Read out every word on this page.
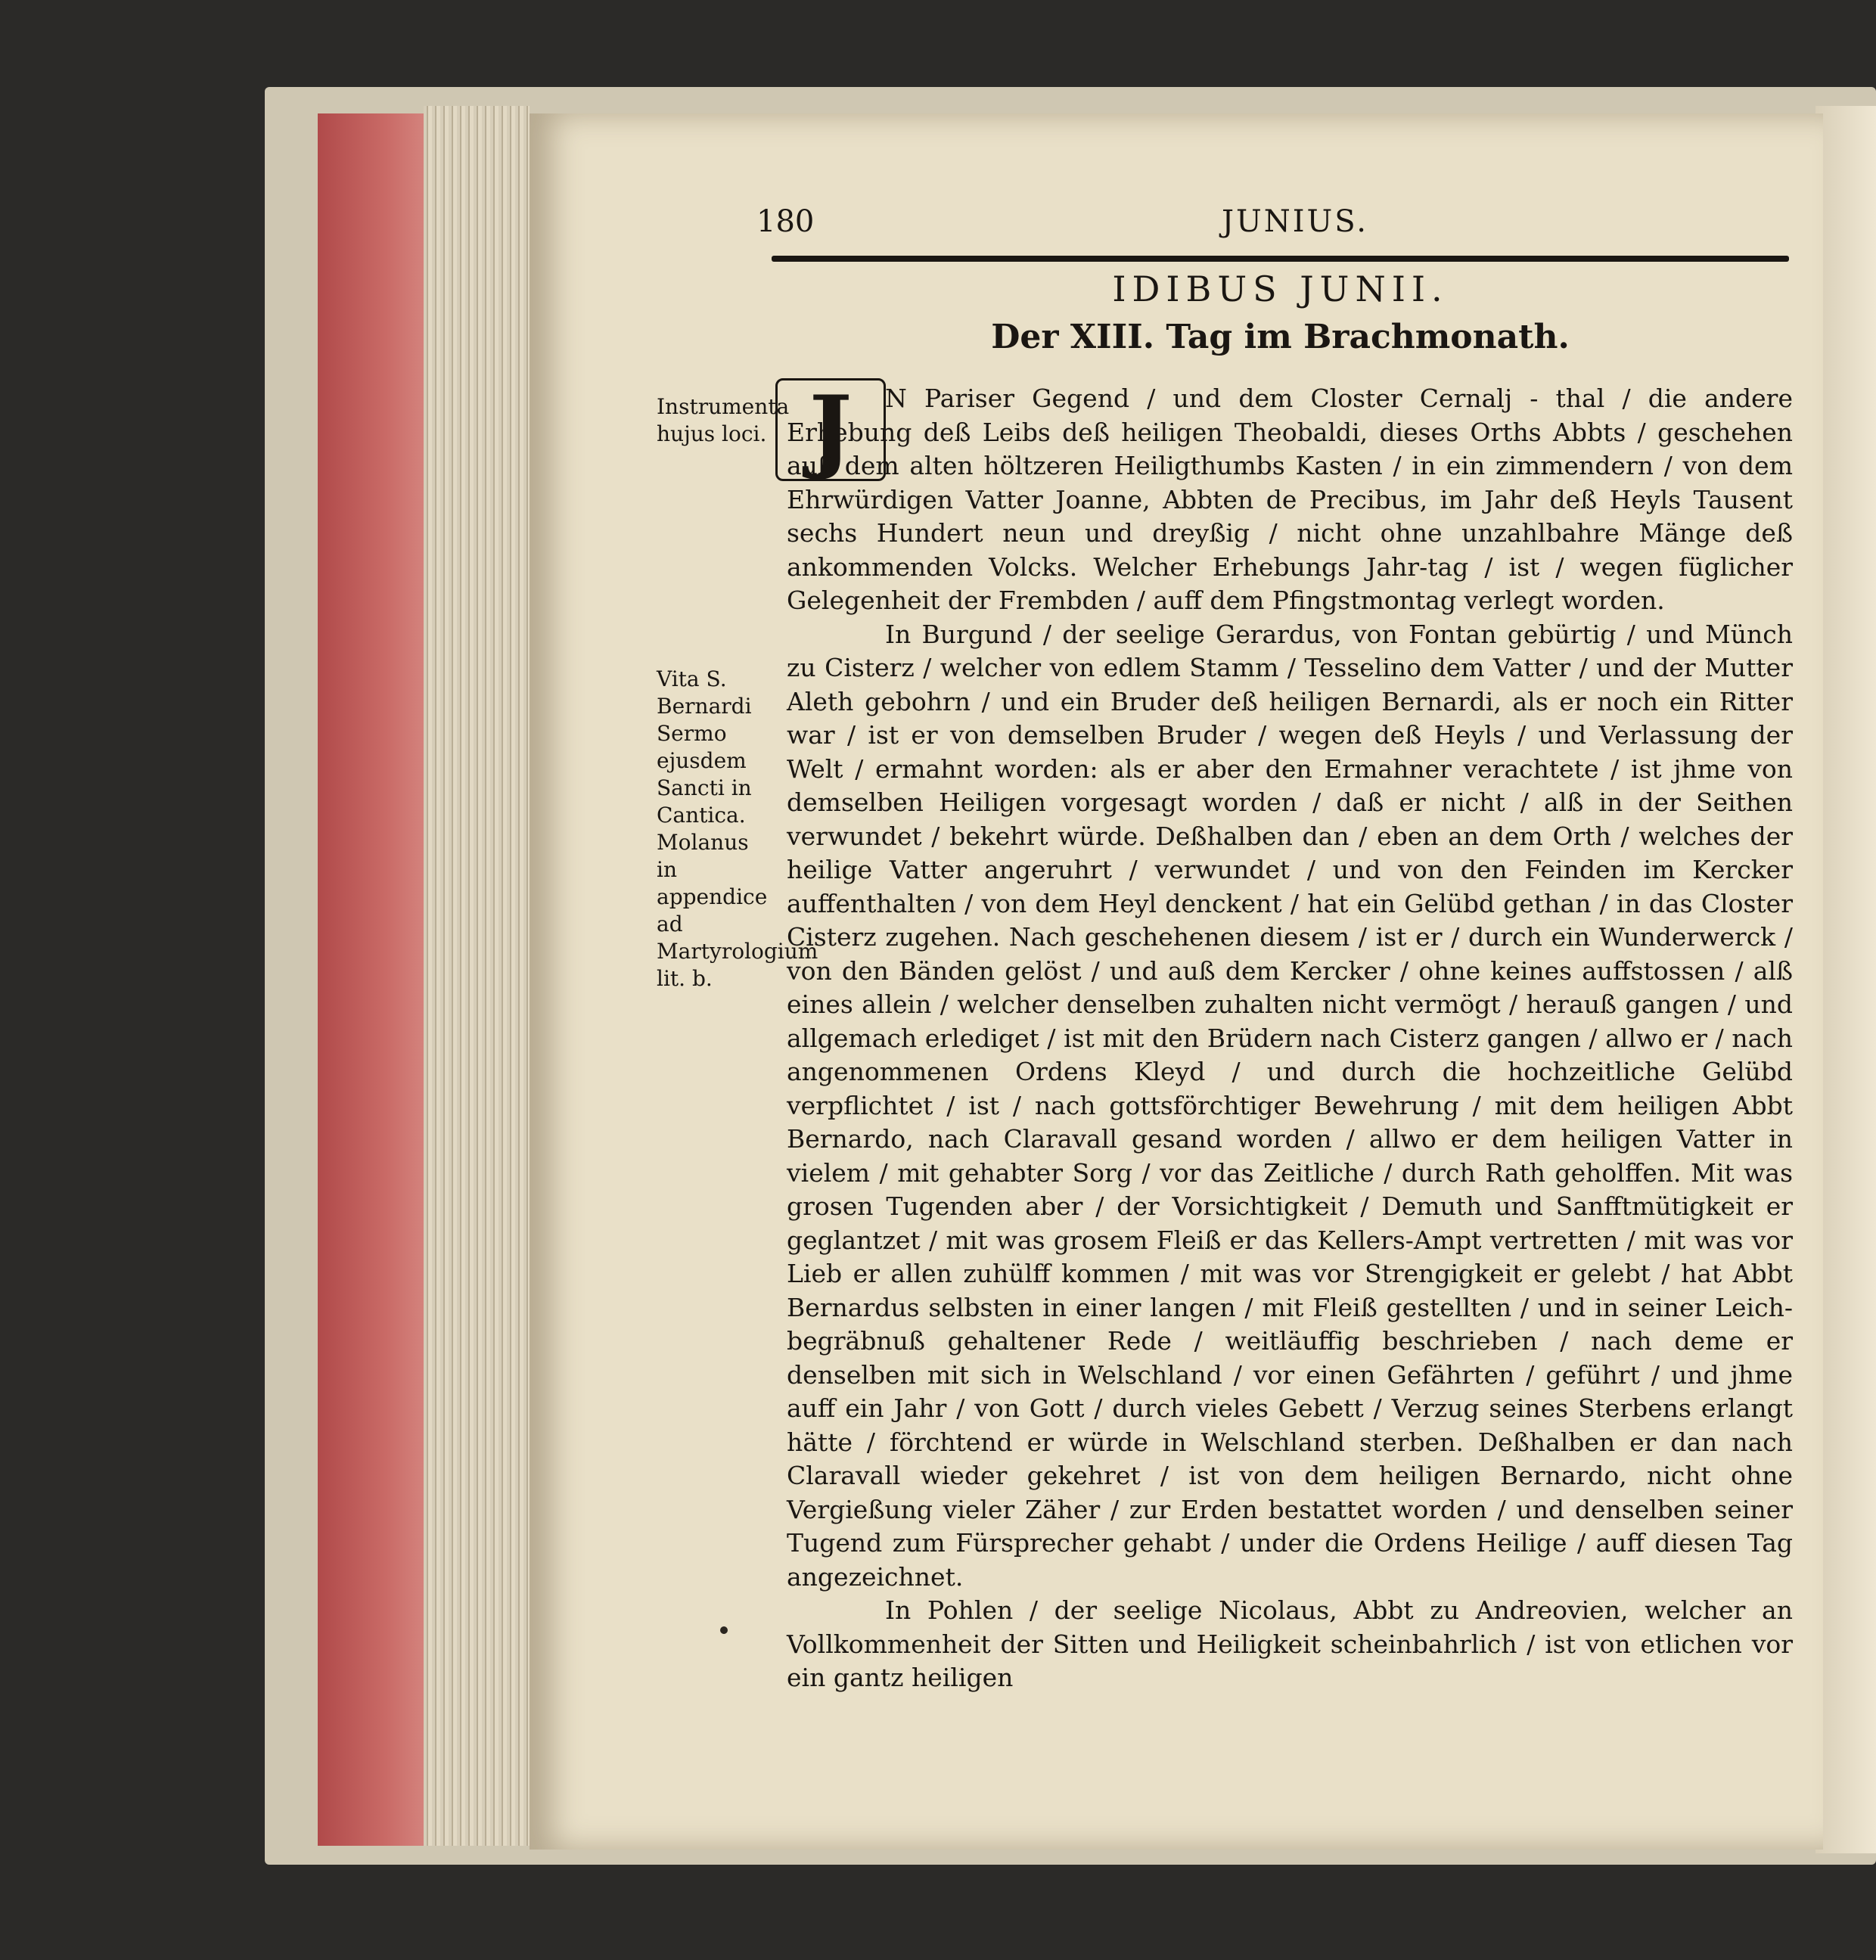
180	JUNIUS.
IDIBUS JUNII.
Der XIII. Tag im Brachmonath.
J
Instrumenta hujus loci.
Vita S. Bernardi Sermo ejusdem Sancti in Cantica. Molanus in appendice ad Martyrologium lit. b.

N Pariser Gegend / und dem Closter Cernalj - thal / die andere Erhebung deß Leibs deß heiligen Theobaldi, dieses Orths Abbts / geschehen auß dem alten höltzeren Heiligthumbs Kasten / in ein zimmendern / von dem Ehrwürdigen Vatter Joanne, Abbten de Precibus, im Jahr deß Heyls Tausent sechs Hundert neun und dreyßig / nicht ohne unzahlbahre Mänge deß ankommenden Volcks. Welcher Erhebungs Jahr-tag / ist / wegen füglicher Gelegenheit der Frembden / auff dem Pfingstmontag verlegt worden.

In Burgund / der seelige Gerardus, von Fontan gebürtig / und Münch zu Cisterz / welcher von edlem Stamm / Tesselino dem Vatter / und der Mutter Aleth gebohrn / und ein Bruder deß heiligen Bernardi, als er noch ein Ritter war / ist er von demselben Bruder / wegen deß Heyls / und Verlassung der Welt / ermahnt worden: als er aber den Ermahner verachtete / ist jhme von demselben Heiligen vorgesagt worden / daß er nicht / alß in der Seithen verwundet / bekehrt würde. Deßhalben dan / eben an dem Orth / welches der heilige Vatter angeruhrt / verwundet / und von den Feinden im Kercker auffenthalten / von dem Heyl denckent / hat ein Gelübd gethan / in das Closter Cisterz zugehen. Nach geschehenen diesem / ist er / durch ein Wunderwerck / von den Bänden gelöst / und auß dem Kercker / ohne keines auffstossen / alß eines allein / welcher denselben zuhalten nicht vermögt / herauß gangen / und allgemach erlediget / ist mit den Brüdern nach Cisterz gangen / allwo er / nach angenommenen Ordens Kleyd / und durch die hochzeitliche Gelübd verpflichtet / ist / nach gottsförchtiger Bewehrung / mit dem heiligen Abbt Bernardo, nach Claravall gesand worden / allwo er dem heiligen Vatter in vielem / mit gehabter Sorg / vor das Zeitliche / durch Rath geholffen. Mit was grosen Tugenden aber / der Vorsichtigkeit / Demuth und Sanfftmütigkeit er geglantzet / mit was grosem Fleiß er das Kellers-Ampt vertretten / mit was vor Lieb er allen zuhülff kommen / mit was vor Strengigkeit er gelebt / hat Abbt Bernardus selbsten in einer langen / mit Fleiß gestellten / und in seiner Leich-begräbnuß gehaltener Rede / weitläuffig beschrieben / nach deme er denselben mit sich in Welschland / vor einen Gefährten / geführt / und jhme auff ein Jahr / von Gott / durch vieles Gebett / Verzug seines Sterbens erlangt hätte / förchtend er würde in Welschland sterben. Deßhalben er dan nach Claravall wieder gekehret / ist von dem heiligen Bernardo, nicht ohne Vergießung vieler Zäher / zur Erden bestattet worden / und denselben seiner Tugend zum Fürsprecher gehabt / under die Ordens Heilige / auff diesen Tag angezeichnet.

In Pohlen / der seelige Nicolaus, Abbt zu Andreovien, welcher an Vollkommenheit der Sitten und Heiligkeit scheinbahrlich / ist von etlichen vor ein gantz heiligen
